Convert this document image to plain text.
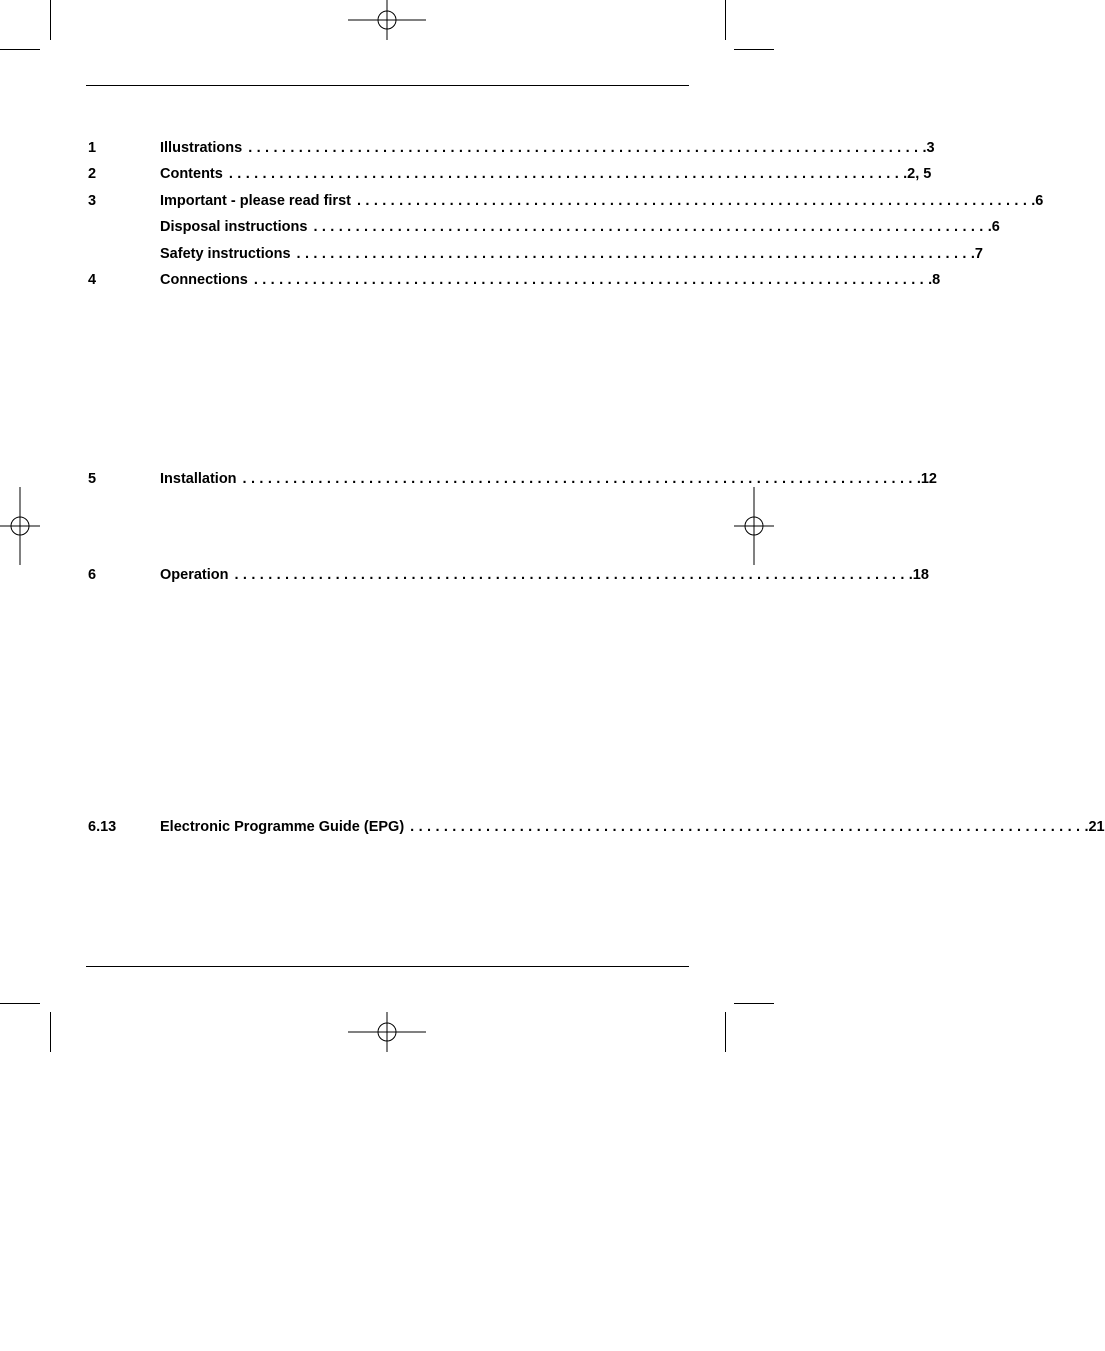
1	Illustrations ................................................................................ .3
2	Contents ................................................................................ .2, 5
3	Important - please read first ................................................................................ .6
Disposal instructions ................................................................................ .6
Safety instructions ................................................................................ .7
4	Connections ................................................................................ .8
5	Installation ................................................................................ .12
6	Operation ................................................................................ .18
6.13	Electronic Programme Guide (EPG) ................................................................................ .21
